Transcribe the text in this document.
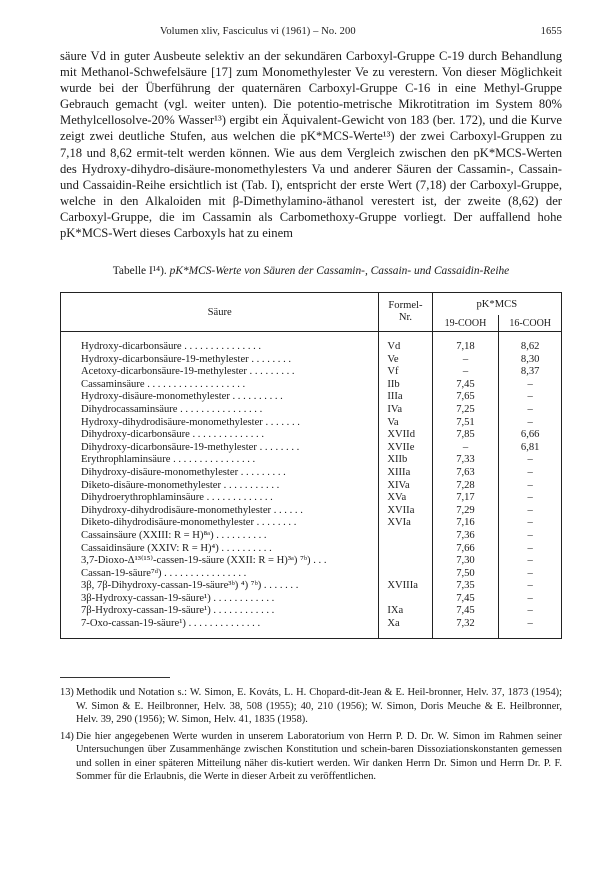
Volumen xliv, Fasciculus vi (1961) – No. 200	1655

säure Vd in guter Ausbeute selektiv an der sekundären Carboxyl-Gruppe C-19 durch Behandlung mit Methanol-Schwefelsäure [17] zum Monomethylester Ve zu verestern. Von dieser Möglichkeit wurde bei der Überführung der quaternären Carboxyl-Gruppe C-16 in eine Methyl-Gruppe Gebrauch gemacht (vgl. weiter unten). Die potentio-metrische Mikrotitration im System 80% Methylcellosolve-20% Wasser¹³) ergibt ein Äquivalent-Gewicht von 183 (ber. 172), und die Kurve zeigt zwei deutliche Stufen, aus welchen die pK*MCS-Werte¹³) der zwei Carboxyl-Gruppen zu 7,18 und 8,62 ermit-telt werden können. Wie aus dem Vergleich zwischen den pK*MCS-Werten des Hydroxy-dihydro-disäure-monomethylesters Va und anderer Säuren der Cassamin-, Cassain- und Cassaidin-Reihe ersichtlich ist (Tab. I), entspricht der erste Wert (7,18) der Carboxyl-Gruppe, welche in den Alkaloiden mit β-Dimethylamino-äthanol verestert ist, der zweite (8,62) der Carboxyl-Gruppe, die im Cassamin als Carbomethoxy-Gruppe vorliegt. Der auffallend hohe pK*MCS-Wert dieses Carboxyls hat zu einem

Tabelle I¹⁴). pK*MCS-Werte von Säuren der Cassamin-, Cassain- und Cassaidin-Reihe
Säure	Formel-
Nr.	pK*MCS	
		19-COOH	16-COOH
Hydroxy-dicarbonsäure . . . . . . . . . . . . . . .	Vd	7,18	8,62
Hydroxy-dicarbonsäure-19-methylester . . . . . . . .	Ve	–	8,30
Acetoxy-dicarbonsäure-19-methylester . . . . . . . . .	Vf	–	8,37
Cassaminsäure . . . . . . . . . . . . . . . . . . .	IIb	7,45	–
Hydroxy-disäure-monomethylester . . . . . . . . . .	IIIa	7,65	–
Dihydrocassaminsäure . . . . . . . . . . . . . . . .	IVa	7,25	–
Hydroxy-dihydrodisäure-monomethylester . . . . . . .	Va	7,51	–
Dihydroxy-dicarbonsäure . . . . . . . . . . . . . .	XVIId	7,85	6,66
Dihydroxy-dicarbonsäure-19-methylester . . . . . . . .	XVIIe	–	6,81
Erythrophlaminsäure . . . . . . . . . . . . . . . .	XIIb	7,33	–
Dihydroxy-disäure-monomethylester . . . . . . . . .	XIIIa	7,63	–
Diketo-disäure-monomethylester . . . . . . . . . . .	XIVa	7,28	–
Dihydroerythrophlaminsäure . . . . . . . . . . . . .	XVa	7,17	–
Dihydroxy-dihydrodisäure-monomethylester . . . . . .	XVIIa	7,29	–
Diketo-dihydrodisäure-monomethylester . . . . . . . .	XVIa	7,16	–
Cassainsäure (XXIII: R = H)⁸ᵃ) . . . . . . . . . .		7,36	–
Cassaidinsäure (XXIV: R = H)⁴) . . . . . . . . . .		7,66	–
3,7-Dioxo-Δ¹³⁽¹⁵⁾-cassen-19-säure (XXII: R = H)³ᵃ) ⁷ᵇ) . . .		7,30	–
Cassan-19-säure⁷ᵈ) . . . . . . . . . . . . . . . .		7,50	–
3β, 7β-Dihydroxy-cassan-19-säure³ᵇ) ⁴) ⁷ᵇ) . . . . . . .	XVIIIa	7,35	–
3β-Hydroxy-cassan-19-säure¹) . . . . . . . . . . . .		7,45	–
7β-Hydroxy-cassan-19-säure¹) . . . . . . . . . . . .	IXa	7,45	–
7-Oxo-cassan-19-säure¹) . . . . . . . . . . . . . .	Xa	7,32	–
13) Methodik und Notation s.: W. Simon, E. Kováts, L. H. Chopard-dit-Jean & E. Heil-bronner, Helv. 37, 1873 (1954); W. Simon & E. Heilbronner, Helv. 38, 508 (1955); 40, 210 (1956); W. Simon, Doris Meuche & E. Heilbronner, Helv. 39, 290 (1956); W. Simon, Helv. 41, 1835 (1958).
14) Die hier angegebenen Werte wurden in unserem Laboratorium von Herrn P. D. Dr. W. Simon im Rahmen seiner Untersuchungen über Zusammenhänge zwischen Konstitution und schein-baren Dissoziationskonstanten gemessen und sollen in einer späteren Mitteilung näher dis-kutiert werden. Wir danken Herrn Dr. Simon und Herrn Dr. P. F. Sommer für die Erlaubnis, die Werte in dieser Arbeit zu veröffentlichen.
